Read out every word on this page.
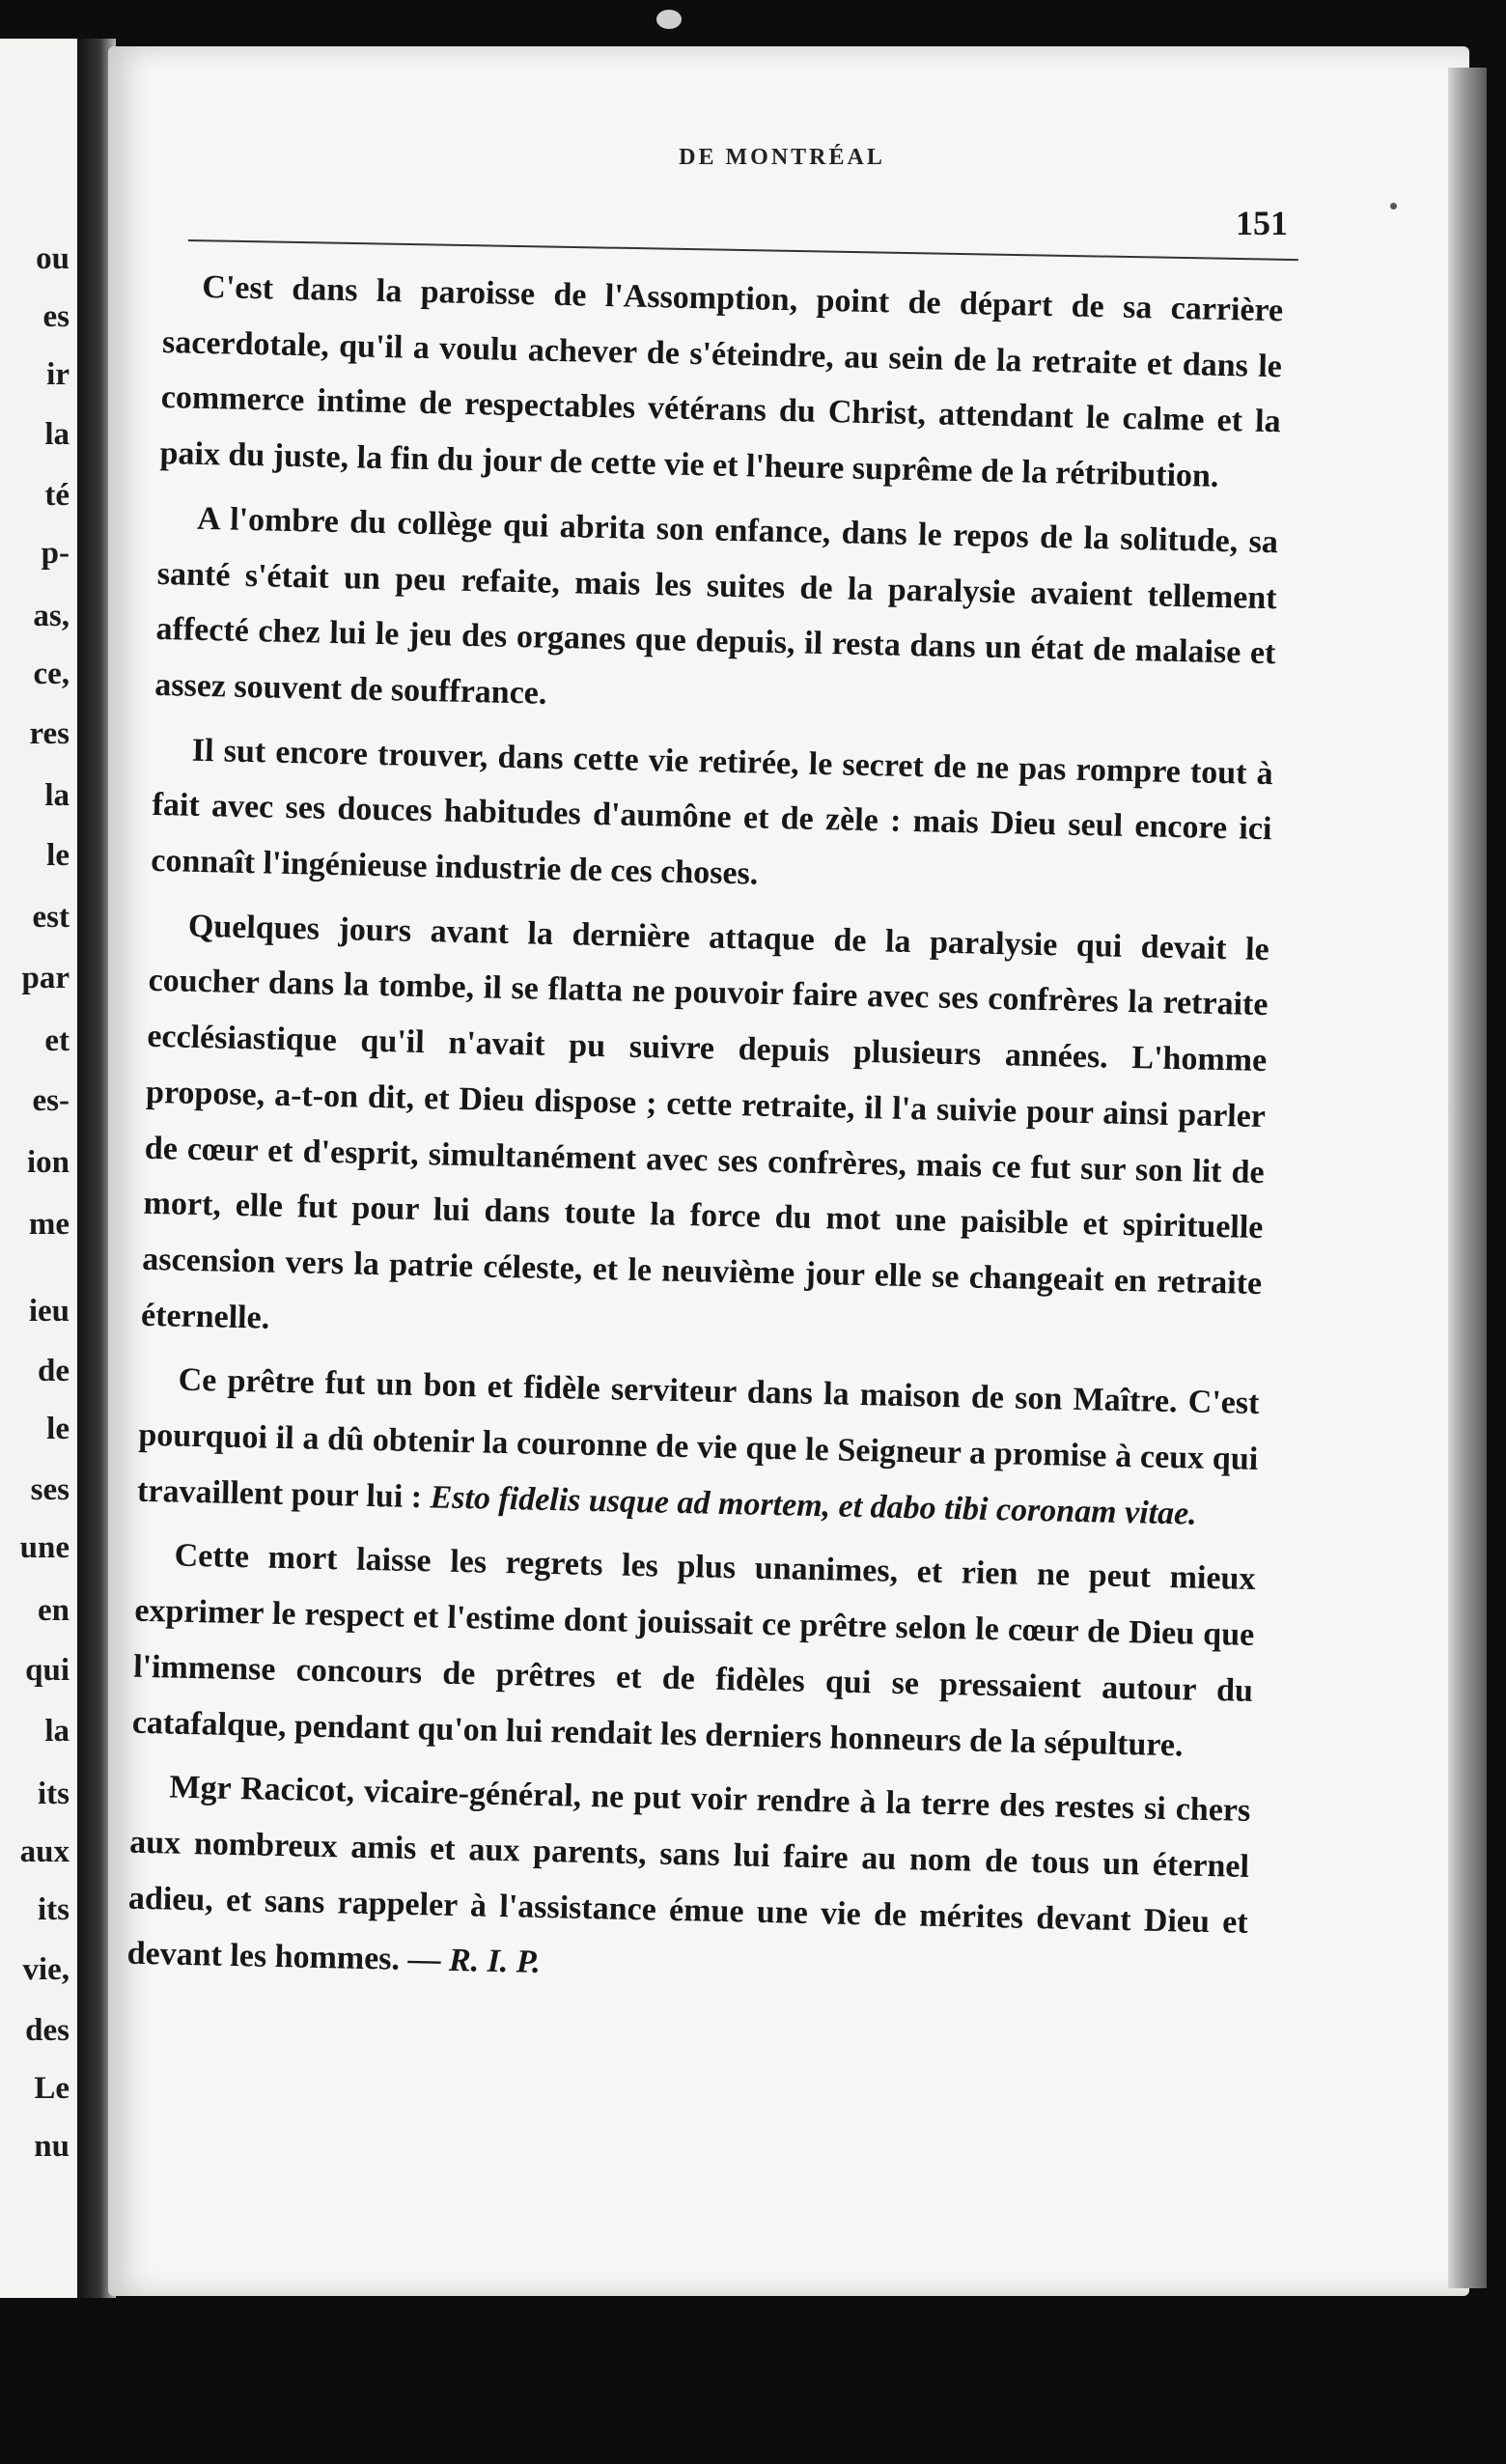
ou
es
ir
la
té
p-
as,
ce,
res
la
le
est
par
et
es-
ion
me
ieu
de
le
ses
une
en
qui
la
its
aux
its
vie,
des
Le
nu
DE MONTRÉAL
151

C'est dans la paroisse de l'Assomption, point de départ de sa carrière sacerdotale, qu'il a voulu achever de s'éteindre, au sein de la retraite et dans le commerce intime de respectables vétérans du Christ, attendant le calme et la paix du juste, la fin du jour de cette vie et l'heure suprême de la rétribution.

A l'ombre du collège qui abrita son enfance, dans le repos de la solitude, sa santé s'était un peu refaite, mais les suites de la paralysie avaient tellement affecté chez lui le jeu des organes que depuis, il resta dans un état de malaise et assez souvent de souffrance.

Il sut encore trouver, dans cette vie retirée, le secret de ne pas rompre tout à fait avec ses douces habitudes d'aumône et de zèle : mais Dieu seul encore ici connaît l'ingénieuse industrie de ces choses.

Quelques jours avant la dernière attaque de la paralysie qui devait le coucher dans la tombe, il se flatta ne pouvoir faire avec ses confrères la retraite ecclésiastique qu'il n'avait pu suivre depuis plusieurs années. L'homme propose, a-t-on dit, et Dieu dispose ; cette retraite, il l'a suivie pour ainsi parler de cœur et d'esprit, simultanément avec ses confrères, mais ce fut sur son lit de mort, elle fut pour lui dans toute la force du mot une paisible et spirituelle ascension vers la patrie céleste, et le neuvième jour elle se changeait en retraite éternelle.

Ce prêtre fut un bon et fidèle serviteur dans la maison de son Maître. C'est pourquoi il a dû obtenir la couronne de vie que le Seigneur a promise à ceux qui travaillent pour lui : Esto fidelis usque ad mortem, et dabo tibi coronam vitae.

Cette mort laisse les regrets les plus unanimes, et rien ne peut mieux exprimer le respect et l'estime dont jouissait ce prêtre selon le cœur de Dieu que l'immense concours de prêtres et de fidèles qui se pressaient autour du catafalque, pendant qu'on lui rendait les derniers honneurs de la sépulture.

Mgr Racicot, vicaire-général, ne put voir rendre à la terre des restes si chers aux nombreux amis et aux parents, sans lui faire au nom de tous un éternel adieu, et sans rappeler à l'assistance émue une vie de mérites devant Dieu et devant les hommes. — R. I. P.
